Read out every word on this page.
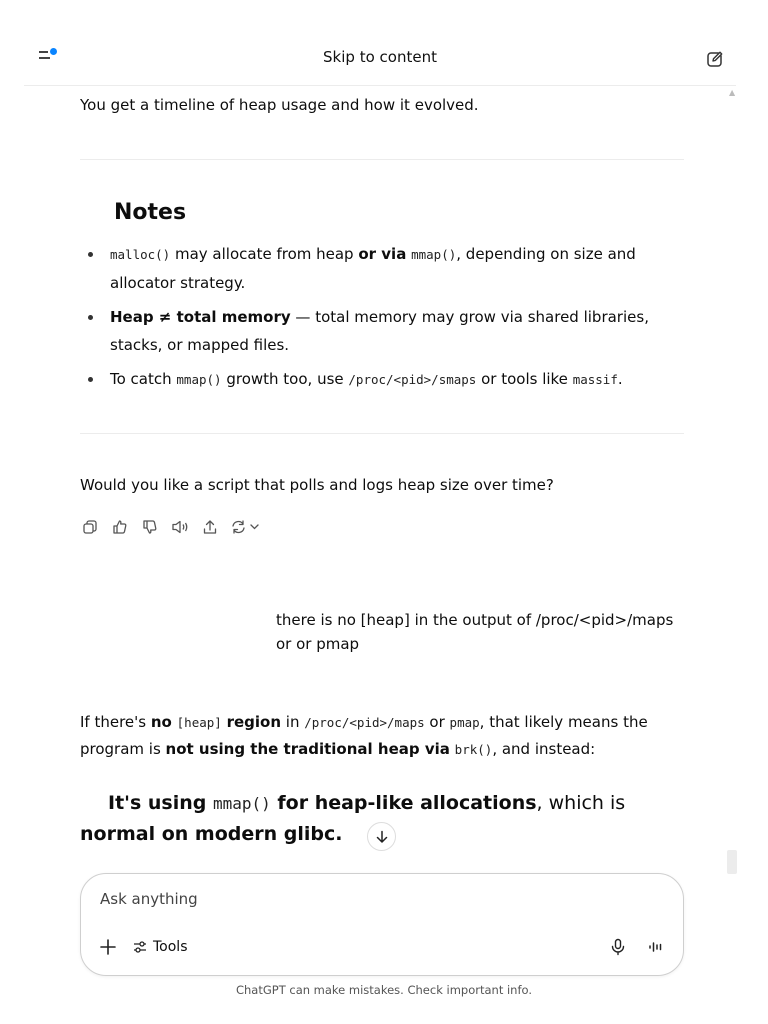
Skip to content
▲

You get a timeline of heap usage and how it evolved.

Notes
malloc() may allocate from heap or via mmap(), depending on size and allocator strategy.
Heap ≠ total memory — total memory may grow via shared libraries, stacks, or mapped files.
To catch mmap() growth too, use /proc/<pid>/smaps or tools like massif.

Would you like a script that polls and logs heap size over time?

there is no [heap] in the output of /proc/<pid>/maps or or pmap

If there's no [heap] region in /proc/<pid>/maps or pmap, that likely means the program is not using the traditional heap via brk(), and instead:

It's using mmap() for heap-like allocations, which is normal on modern glibc.
Ask anything
Tools
ChatGPT can make mistakes. Check important info.
